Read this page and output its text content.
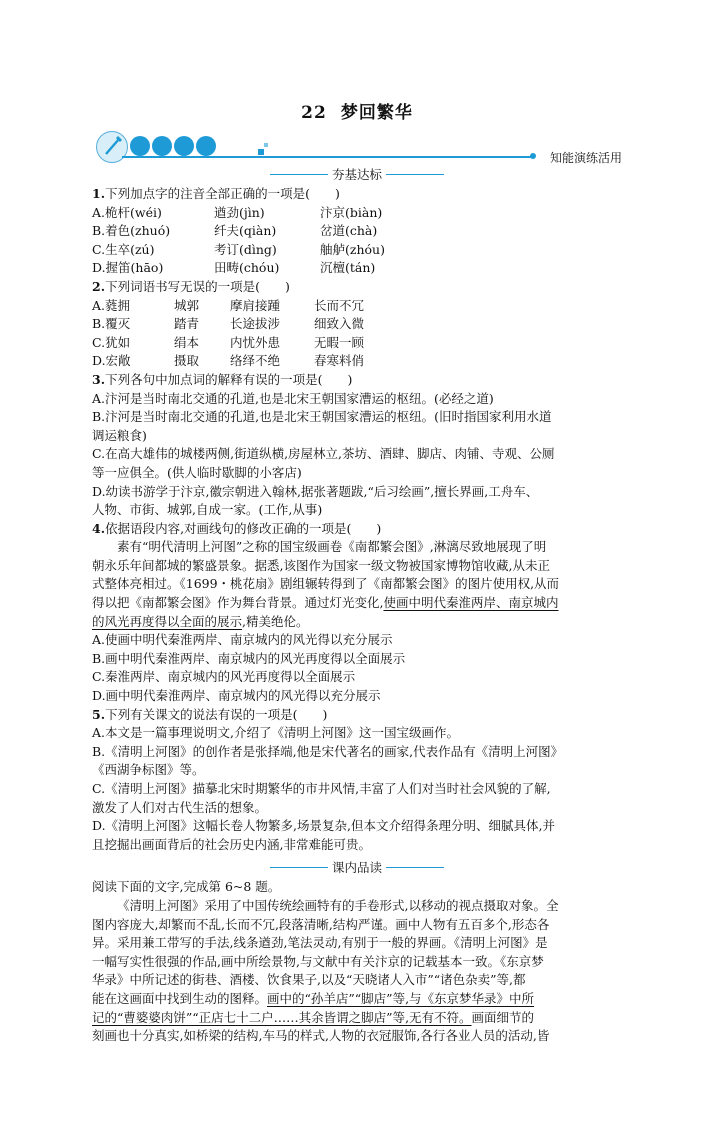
22 梦回繁华
知能演练活用
夯基达标
1.下列加点字的注音全部正确的一项是(　　)
A.桅杆(wéi)	遒劲(jìn)	汴京(biàn)
B.着色(zhuó)	纤夫(qiàn)	岔道(chà)
C.生卒(zú)	考订(dìng)	舳舻(zhóu)
D.握笛(hāo)	田畴(chóu)	沉檀(tán)
2.下列词语书写无误的一项是(　　)
A.蕤拥	城郭	摩肩接踵	长而不冗
B.覆灭	踏青	长途拔涉	细致入微
C.犹如	绢本	内忧外患	无暇一顾
D.宏敞	摄取	络绎不绝	春寒料俏
3.下列各句中加点词的解释有误的一项是(　　)
A.汴河是当时南北交通的孔道,也是北宋王朝国家漕运的枢纽。(必经之道)
B.汴河是当时南北交通的孔道,也是北宋王朝国家漕运的枢纽。(旧时指国家利用水道
调运粮食)
C.在高大雄伟的城楼两侧,街道纵横,房屋林立,茶坊、酒肆、脚店、肉铺、寺观、公厕
等一应俱全。(供人临时歇脚的小客店)
D.幼读书游学于汴京,徽宗朝进入翰林,据张著题跋,“后习绘画”,擅长界画,工舟车、
人物、市街、城郭,自成一家。(工作,从事)
4.依据语段内容,对画线句的修改正确的一项是(　　)
素有“明代清明上河图”之称的国宝级画卷《南都繁会图》,淋漓尽致地展现了明
朝永乐年间都城的繁盛景象。据悉,该图作为国家一级文物被国家博物馆收藏,从未正
式整体亮相过。《1699・桃花扇》剧组辗转得到了《南都繁会图》的图片使用权,从而
得以把《南都繁会图》作为舞台背景。通过灯光变化,使画中明代秦淮两岸、南京城内
的风光再度得以全面的展示,精美绝伦。
A.使画中明代秦淮两岸、南京城内的风光得以充分展示
B.画中明代秦淮两岸、南京城内的风光再度得以全面展示
C.秦淮两岸、南京城内的风光再度得以全面展示
D.画中明代秦淮两岸、南京城内的风光得以充分展示
5.下列有关课文的说法有误的一项是(　　)
A.本文是一篇事理说明文,介绍了《清明上河图》这一国宝级画作。
B.《清明上河图》的创作者是张择端,他是宋代著名的画家,代表作品有《清明上河图》
《西湖争标图》等。
C.《清明上河图》描摹北宋时期繁华的市井风情,丰富了人们对当时社会风貌的了解,
激发了人们对古代生活的想象。
D.《清明上河图》这幅长卷人物繁多,场景复杂,但本文介绍得条理分明、细腻具体,并
且挖掘出画面背后的社会历史内涵,非常难能可贵。
课内品读
阅读下面的文字,完成第 6~8 题。
《清明上河图》采用了中国传统绘画特有的手卷形式,以移动的视点摄取对象。全
图内容庞大,却繁而不乱,长而不冗,段落清晰,结构严谨。画中人物有五百多个,形态各
异。采用兼工带写的手法,线条遒劲,笔法灵动,有别于一般的界画。《清明上河图》是
一幅写实性很强的作品,画中所绘景物,与文献中有关汴京的记载基本一致。《东京梦
华录》中所记述的街巷、酒楼、饮食果子,以及“天晓诸人入市”“诸色杂卖”等,都
能在这画面中找到生动的图释。画中的“孙羊店”“脚店”等,与《东京梦华录》中所
记的“曹婆婆肉饼”“正店七十二户……其余皆谓之脚店”等,无有不符。画面细节的
刻画也十分真实,如桥梁的结构,车马的样式,人物的衣冠服饰,各行各业人员的活动,皆
